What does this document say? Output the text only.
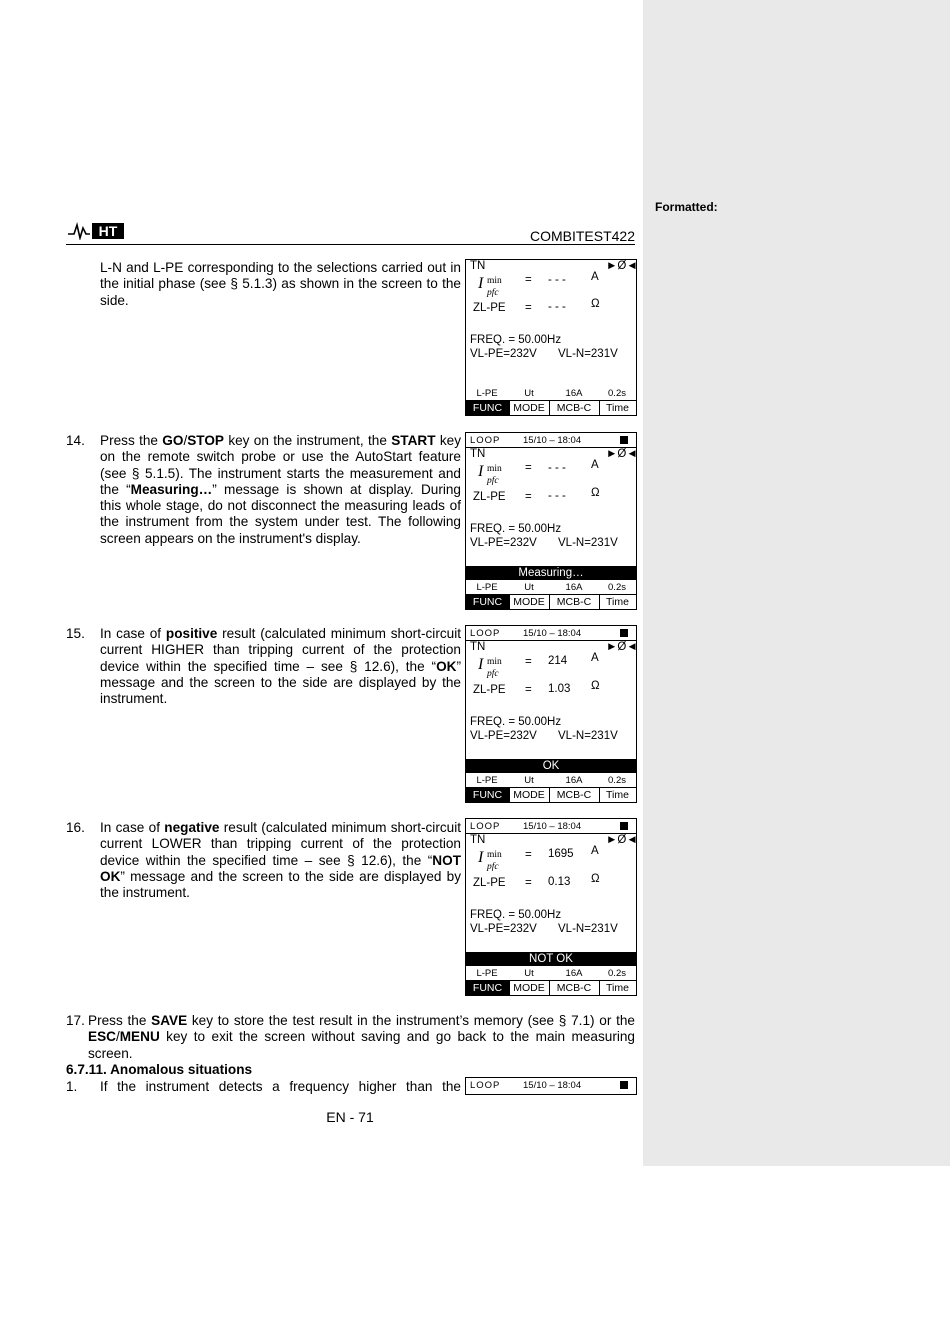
Formatted:
HT	COMBITEST422
L-N and L-PE corresponding to the selections carried out in the initial phase (see § 5.1.3) as shown in the screen to the side.
14. Press the GO/STOP key on the instrument, the START key on the remote switch probe or use the AutoStart feature (see § 5.1.5). The instrument starts the measurement and the “Measuring…” message is shown at display. During this whole stage, do not disconnect the measuring leads of the instrument from the system under test. The following screen appears on the instrument's display.
15. In case of positive result (calculated minimum short-circuit current HIGHER than tripping current of the protection device within the specified time – see § 12.6), the “OK” message and the screen to the side are displayed by the instrument.
16. In case of negative result (calculated minimum short-circuit current LOWER than tripping current of the protection device within the specified time – see § 12.6), the “NOT OK” message and the screen to the side are displayed by the instrument.
17. Press the SAVE key to store the test result in the instrument’s memory (see § 7.1) or the ESC/MENU key to exit the screen without saving and go back to the main measuring screen.
6.7.11. Anomalous situations
1. If the instrument detects a frequency higher than the
TN	►Ø◄
I min
pfc
= - - - A
ZL-PE = - - - Ω
FREQ. = 50.00Hz
VL-PE=232V VL-N=231V
L-PE	Ut	16A	0.2s
FUNC	MODE	MCB-C	Time
LOOP 15/10 – 18:04
TN	►Ø◄
I min
pfc
= - - - A
ZL-PE = - - - Ω
FREQ. = 50.00Hz
VL-PE=232V VL-N=231V
Measuring…
L-PE	Ut	16A	0.2s
FUNC	MODE	MCB-C	Time
LOOP 15/10 – 18:04
TN	►Ø◄
I min
pfc
= 214 A
ZL-PE = 1.03 Ω
FREQ. = 50.00Hz
VL-PE=232V VL-N=231V
OK
L-PE	Ut	16A	0.2s
FUNC	MODE	MCB-C	Time
LOOP 15/10 – 18:04
TN	►Ø◄
I min
pfc
= 1695 A
ZL-PE = 0.13 Ω
FREQ. = 50.00Hz
VL-PE=232V VL-N=231V
NOT OK
L-PE	Ut	16A	0.2s
FUNC	MODE	MCB-C	Time
LOOP 15/10 – 18:04
EN - 71
